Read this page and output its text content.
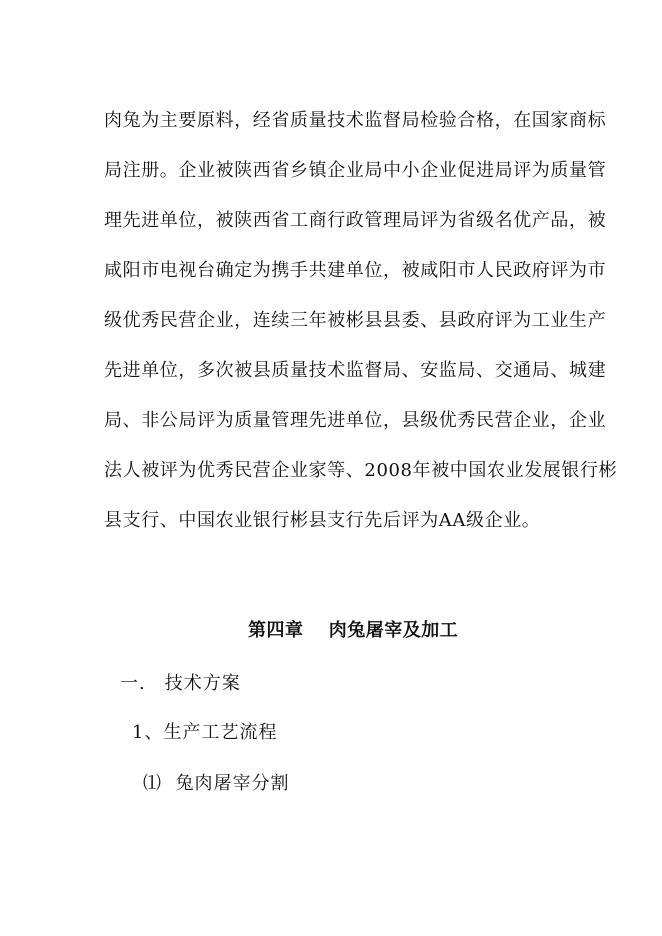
肉兔为主要原料，经省质量技术监督局检验合格，在国家商标
局注册。企业被陕西省乡镇企业局中小企业促进局评为质量管
理先进单位，被陕西省工商行政管理局评为省级名优产品，被
咸阳市电视台确定为携手共建单位，被咸阳市人民政府评为市
级优秀民营企业，连续三年被彬县县委、县政府评为工业生产
先进单位，多次被县质量技术监督局、安监局、交通局、城建
局、非公局评为质量管理先进单位，县级优秀民营企业，企业
法人被评为优秀民营企业家等、2008年被中国农业发展银行彬
县支行、中国农业银行彬县支行先后评为AA级企业。
第四章　 肉兔屠宰及加工
一.　技术方案
1、生产工艺流程
⑴  兔肉屠宰分割
